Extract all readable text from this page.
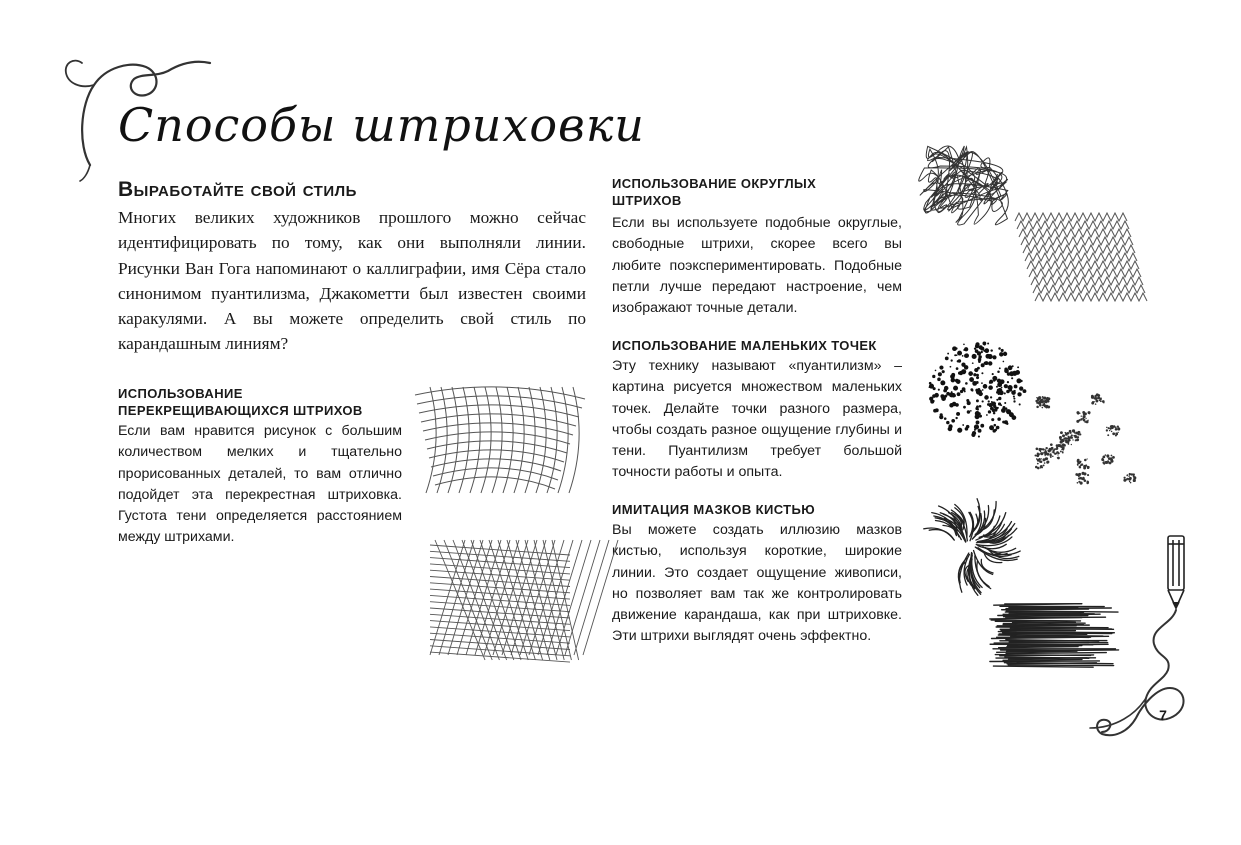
Способы штриховки
Выработайте свой стиль
Многих великих художников прошлого можно сейчас идентифицировать по тому, как они выполняли линии. Рисунки Ван Гога напоминают о каллиграфии, имя Сёра стало синонимом пуантилизма, Джакометти был известен своими каракулями. А вы можете определить свой стиль по карандашным линиям?
ИСПОЛЬЗОВАНИЕ
ПЕРЕКРЕЩИВАЮЩИХСЯ ШТРИХОВ
Если вам нравится рисунок с большим количеством мелких и тщательно прорисованных деталей, то вам отлично подойдет эта перекрестная штриховка. Густота тени определяется расстоянием между штрихами.
ИСПОЛЬЗОВАНИЕ ОКРУГЛЫХ
ШТРИХОВ
Если вы используете подобные округлые, свободные штрихи, скорее всего вы любите поэкспериментировать. Подобные петли лучше передают настроение, чем изображают точные детали.
ИСПОЛЬЗОВАНИЕ МАЛЕНЬКИХ ТОЧЕК
Эту технику называют «пуантилизм» – картина рисуется множеством маленьких точек. Делайте точки разного размера, чтобы создать разное ощущение глубины и тени. Пуантилизм требует большой точности работы и опыта.
ИМИТАЦИЯ МАЗКОВ КИСТЬЮ
Вы можете создать иллюзию мазков кистью, используя короткие, широкие линии. Это создает ощущение живописи, но позволяет вам так же контролировать движение карандаша, как при штриховке. Эти штрихи выглядят очень эффектно.
7
